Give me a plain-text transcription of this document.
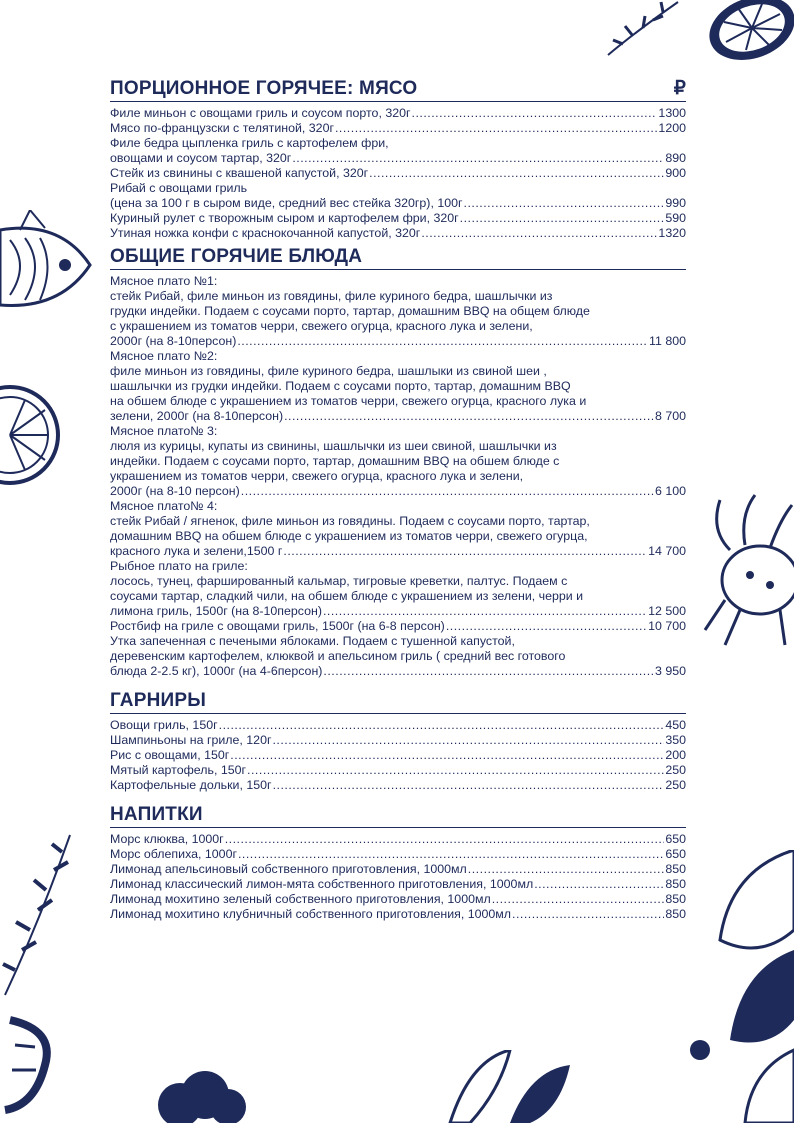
ПОРЦИОННОЕ ГОРЯЧЕЕ: МЯСО	₽
Филе миньон с овощами гриль и соусом порто, 320г .....	1300
Мясо по-французски с телятиной, 320г .....	1200
Филе бедра цыпленка гриль с картофелем фри,
овощами и соусом тартар, 320г .....	890
Стейк из свинины с квашеной капустой, 320г .....	900
Рибай с овощами гриль
(цена за 100 г в сыром виде, средний вес стейка 320гр), 100г .....	990
Куриный рулет с творожным сыром и картофелем фри, 320г .....	590
Утиная ножка конфи с краснокочанной капустой, 320г .....	1320
ОБЩИЕ ГОРЯЧИЕ БЛЮДА
Мясное плато №1:
стейк Рибай, филе миньон из говядины, филе куриного бедра, шашлычки из
грудки индейки. Подаем с соусами порто, тартар, домашним BBQ на общем блюде
с украшением из томатов черри, свежего огурца, красного лука и зелени,
2000г (на 8-10персон) .....	11 800
Мясное плато №2:
филе миньон из говядины, филе куриного бедра, шашлыки из свиной шеи ,
шашлычки из грудки индейки. Подаем с соусами порто, тартар, домашним BBQ
на обшем блюде с украшением из томатов черри, свежего огурца, красного лука и
зелени, 2000г (на 8-10персон) .....	8 700
Мясное плато№ 3:
люля из курицы, купаты из свинины, шашлычки из шеи свиной, шашлычки из
индейки. Подаем с соусами порто, тартар, домашним BBQ на обшем блюде с
украшением из томатов черри, свежего огурца, красного лука и зелени,
2000г (на 8-10 персон) .....	6 100
Мясное плато№ 4:
стейк Рибай / ягненок, филе миньон из говядины. Подаем с соусами порто, тартар,
домашним BBQ на обшем блюде с украшением из томатов черри, свежего огурца,
красного лука и зелени,1500 г .....	14 700
Рыбное плато на гриле:
лосось, тунец, фаршированный кальмар, тигровые креветки, палтус. Подаем с
соусами тартар, сладкий чили, на обшем блюде с украшением из зелени, черри и
лимона гриль, 1500г (на 8-10персон) .....	12 500
Ростбиф на гриле с овощами гриль, 1500г (на 6-8 персон) .....	10 700
Утка запеченная с печеными яблоками. Подаем с тушенной капустой,
деревенским картофелем, клюквой и апельсином гриль ( средний вес готового
блюда 2-2.5 кг), 1000г (на 4-6персон) .....	3 950
ГАРНИРЫ
Овощи гриль, 150г .....	450
Шампиньоны на гриле, 120г .....	350
Рис с овощами, 150г .....	200
Мятый картофель, 150г .....	250
Картофельные дольки, 150г .....	250
НАПИТКИ
Морс клюква, 1000г .....	650
Морс облепиха, 1000г .....	650
Лимонад апельсиновый собственного приготовления, 1000мл .....	850
Лимонад классический лимон-мята собственного приготовления, 1000мл .....	850
Лимонад мохитино зеленый собственного приготовления, 1000мл .....	850
Лимонад мохитино клубничный собственного приготовления, 1000мл .....	850
